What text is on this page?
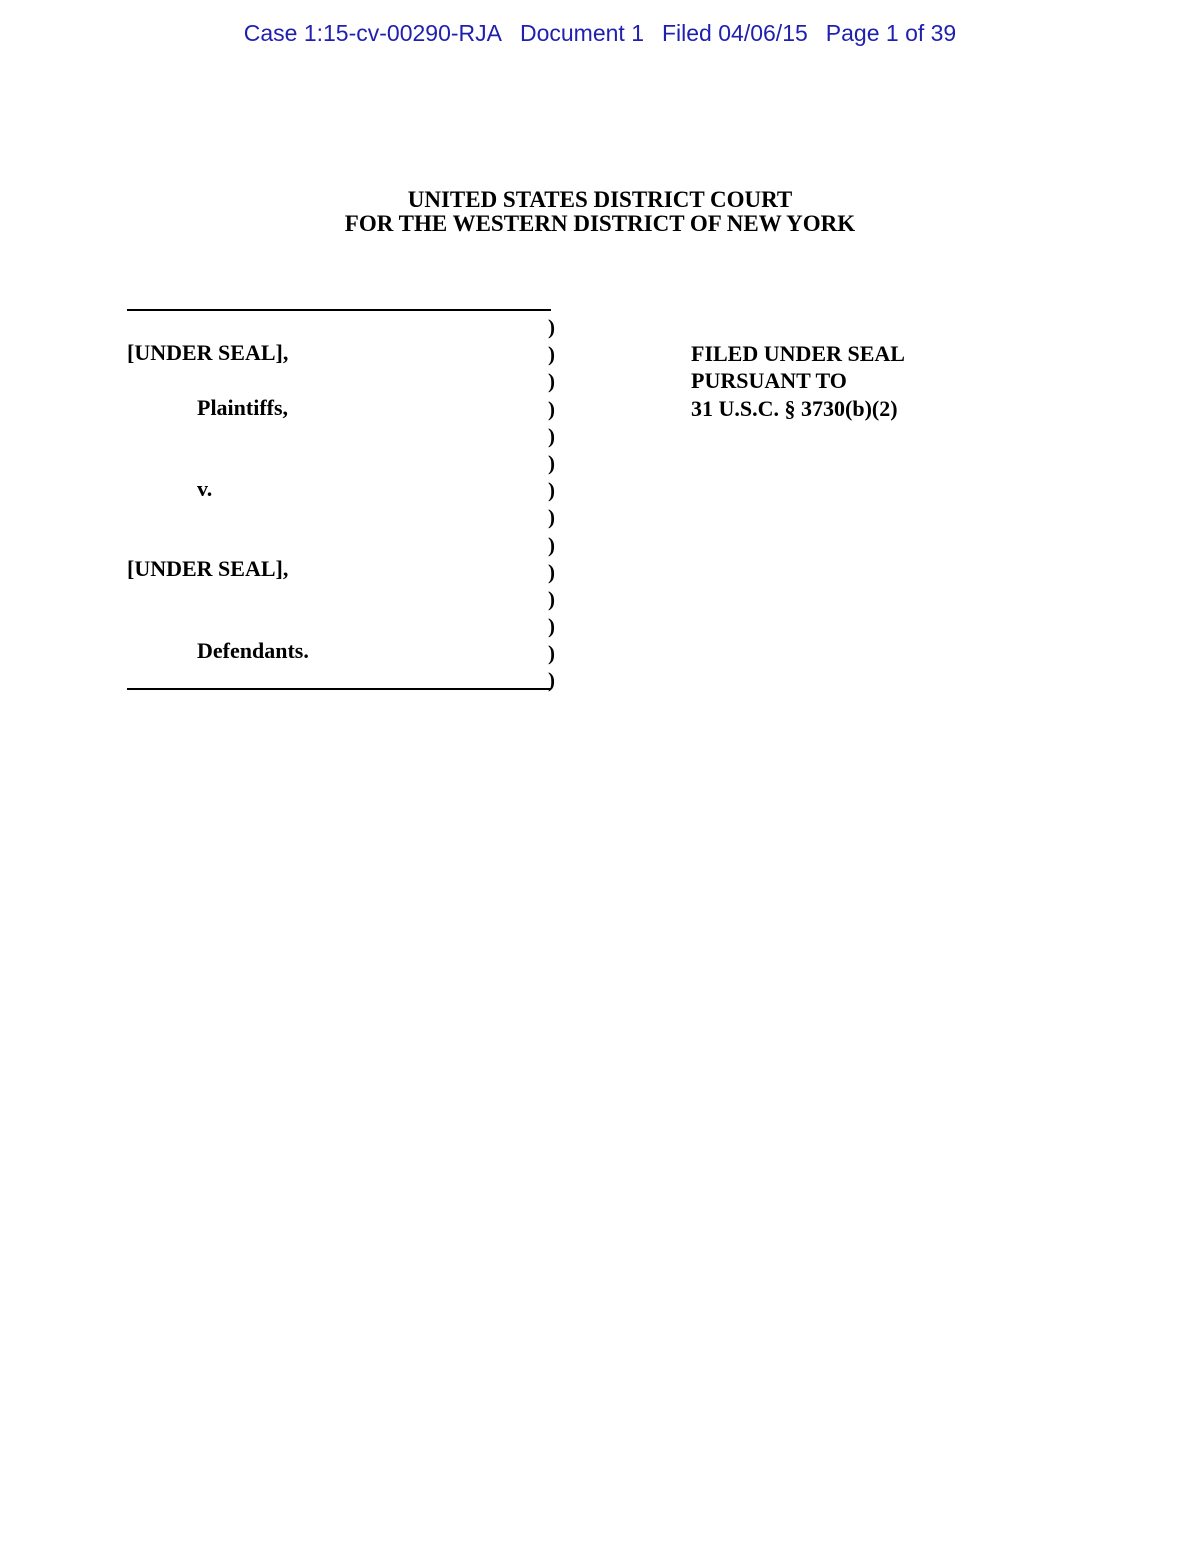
Case 1:15-cv-00290-RJA Document 1 Filed 04/06/15 Page 1 of 39
UNITED STATES DISTRICT COURT
FOR THE WESTERN DISTRICT OF NEW YORK
)
)
)
)
)
)
)
)
)
)
)
)
)
)
[UNDER SEAL],
Plaintiffs,
v.
[UNDER SEAL],
Defendants.
FILED UNDER SEAL
PURSUANT TO
31 U.S.C. § 3730(b)(2)
